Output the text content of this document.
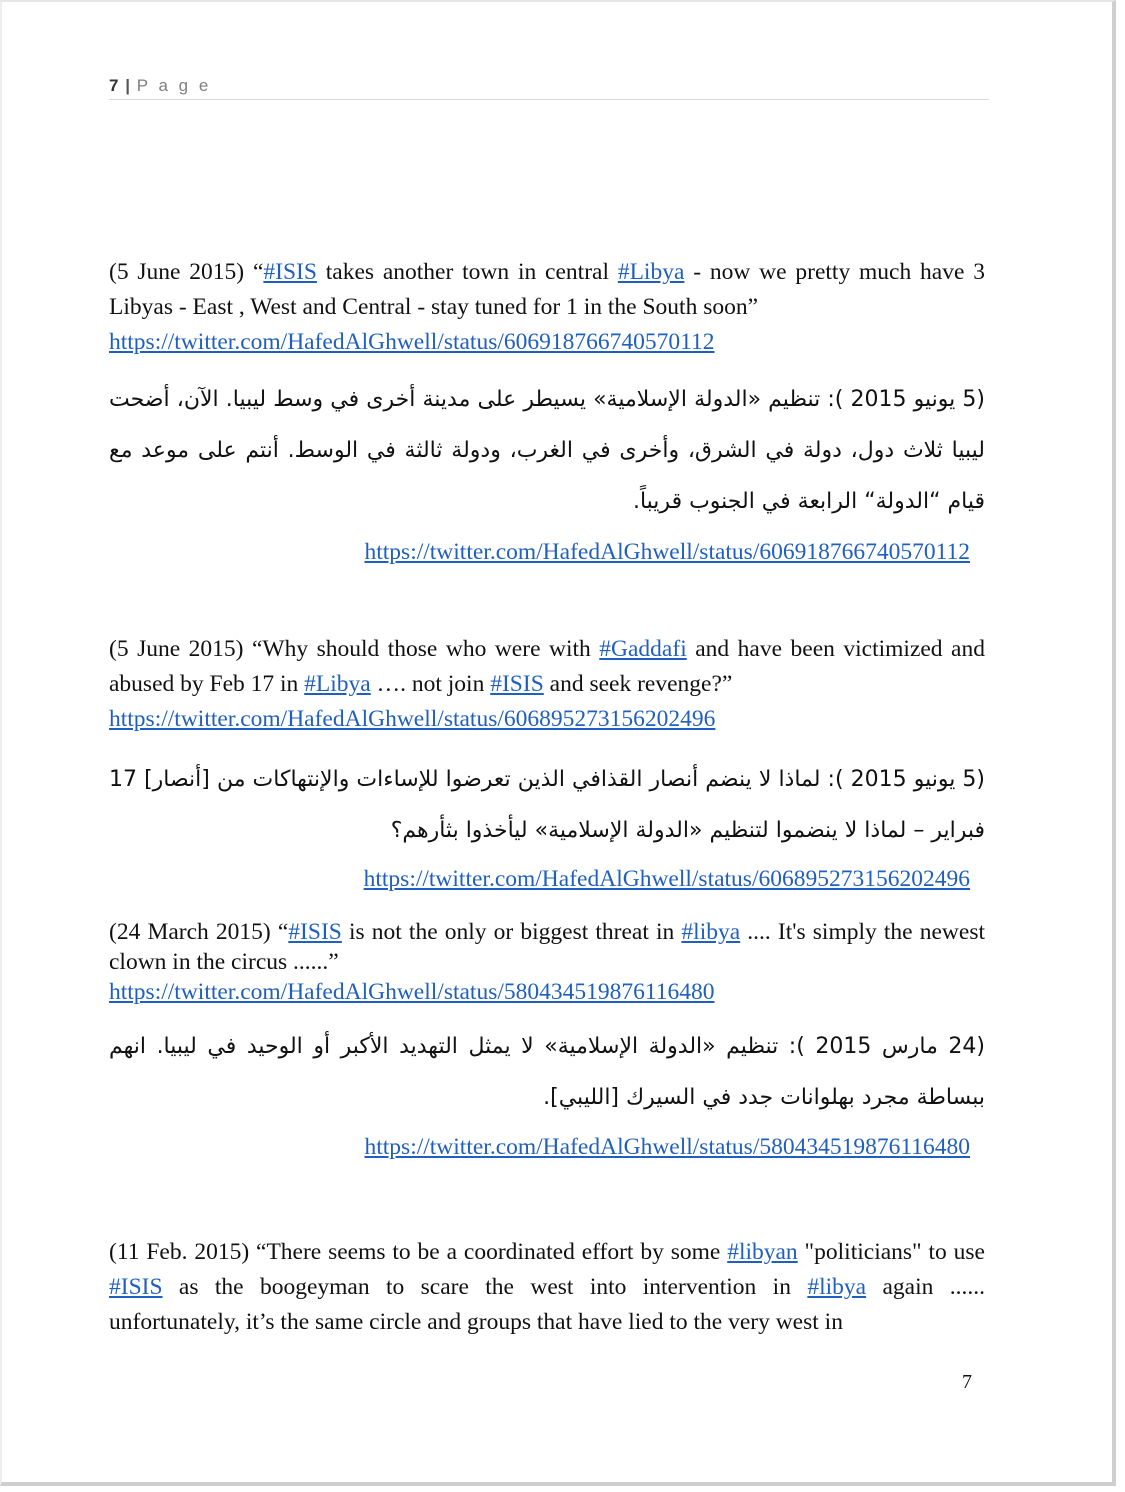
7 | P a g e
(5 June 2015) “#ISIS takes another town in central #Libya - now we pretty much have 3 Libyas - East , West and Central - stay tuned for 1 in the South soon”
https://twitter.com/HafedAlGhwell/status/606918766740570112
(5 يونيو 2015 ): تنظيم «الدولة الإسلامية» يسيطر على مدينة أخرى في وسط ليبيا. الآن، أضحت ليبيا ثلاث دول، دولة في الشرق، وأخرى في الغرب، ودولة ثالثة في الوسط. أنتم على موعد مع قيام “الدولة“ الرابعة في الجنوب قريباً.
https://twitter.com/HafedAlGhwell/status/606918766740570112
(5 June 2015) “Why should those who were with #Gaddafi and have been victimized and abused by Feb 17 in #Libya …. not join #ISIS and seek revenge?”
https://twitter.com/HafedAlGhwell/status/606895273156202496
(5 يونيو 2015 ): لماذا لا ينضم أنصار القذافي الذين تعرضوا للإساءات والإنتهاكات من [أنصار] 17 فبراير – لماذا لا ينضموا لتنظيم «الدولة الإسلامية» ليأخذوا بثأرهم؟
https://twitter.com/HafedAlGhwell/status/606895273156202496
(24 March 2015) “#ISIS is not the only or biggest threat in #libya .... It's simply the newest clown in the circus ......”
https://twitter.com/HafedAlGhwell/status/580434519876116480
(24 مارس 2015 ): تنظيم «الدولة الإسلامية» لا يمثل التهديد الأكبر أو الوحيد في ليبيا. انهم ببساطة مجرد بهلوانات جدد في السيرك [الليبي].
https://twitter.com/HafedAlGhwell/status/580434519876116480
(11 Feb. 2015) “There seems to be a coordinated effort by some #libyan "politicians" to use #ISIS as the boogeyman to scare the west into intervention in #libya again ...... unfortunately, it’s the same circle and groups that have lied to the very west in
7
